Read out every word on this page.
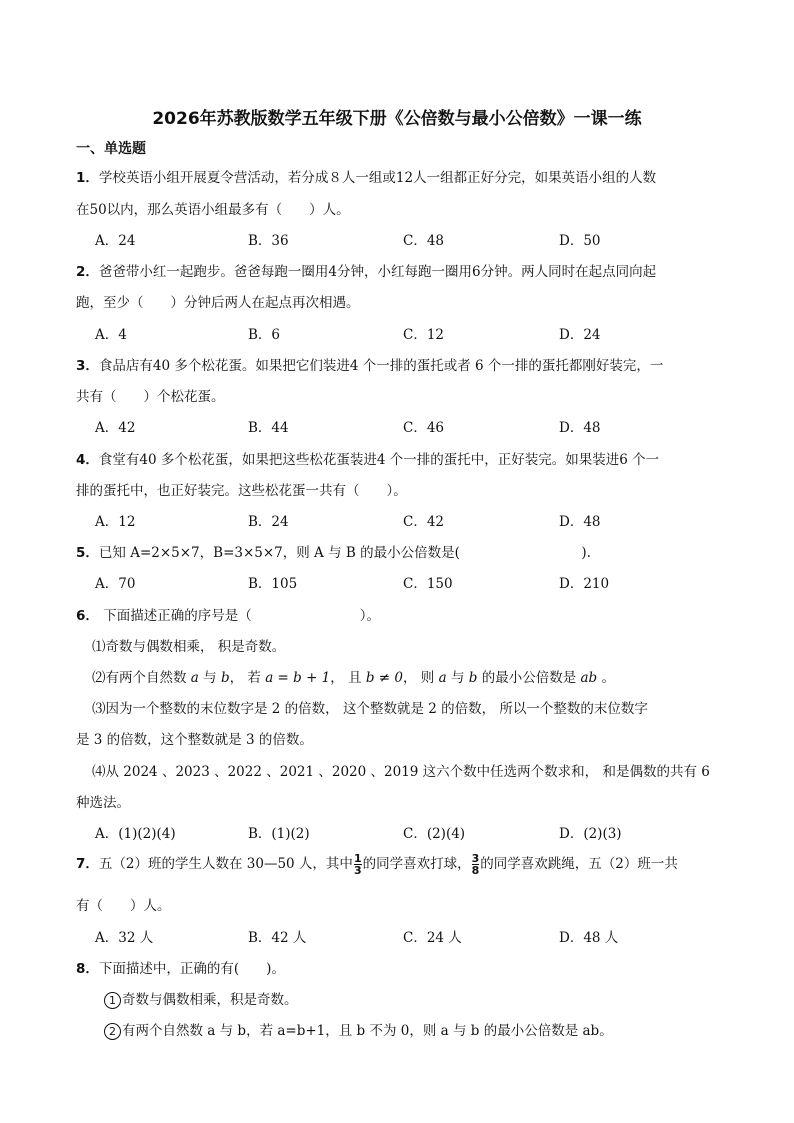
2026年苏教版数学五年级下册《公倍数与最小公倍数》一课一练
一、单选题
1．学校英语小组开展夏令营活动，若分成８人一组或12人一组都正好分完，如果英语小组的人数
在50以内，那么英语小组最多有（　　）人。
A．24	B．36	C．48	D．50
2．爸爸带小红一起跑步。爸爸每跑一圈用4分钟，小红每跑一圈用6分钟。两人同时在起点同向起
跑，至少（　　）分钟后两人在起点再次相遇。
A．4	B．6	C．12	D．24
3．食品店有40 多个松花蛋。如果把它们装进4 个一排的蛋托或者 6 个一排的蛋托都刚好装完，一
共有（　　）个松花蛋。
A．42	B．44	C．46	D．48
4．食堂有40 多个松花蛋，如果把这些松花蛋装进4 个一排的蛋托中，正好装完。如果装进6 个一
排的蛋托中，也正好装完。这些松花蛋一共有（　　）。
A．12	B．24	C．42	D．48
5．已知 A=2×5×7，B=3×5×7，则 A 与 B 的最小公倍数是(　　　　　　　　　).
A．70	B．105	C．150	D．210
6． 下面描述正确的序号是（　　　　　　　　）。
⑴奇数与偶数相乘， 积是奇数。
⑵有两个自然数 a 与 b， 若 a = b + 1， 且 b ≠ 0， 则 a 与 b 的最小公倍数是 ab 。
⑶因为一个整数的末位数字是 2 的倍数， 这个整数就是 2 的倍数， 所以一个整数的末位数字
是 3 的倍数，这个整数就是 3 的倍数。
⑷从 2024 、2023 、2022 、2021 、2020 、2019 这六个数中任选两个数求和， 和是偶数的共有 6
种选法。
A．(1)(2)(4)	B．(1)(2)	C．(2)(4)	D．(2)(3)
7．五（2）班的学生人数在 30—50 人，其中 $\frac{1}{3}$ 的同学喜欢打球， $\frac{3}{8}$ 的同学喜欢跳绳，五（2）班一共
有（　　）人。
A．32 人	B．42 人	C．24 人	D．48 人
8．下面描述中，正确的有(　　)。
1 奇数与偶数相乘，积是奇数。
2 有两个自然数 a 与 b，若 a=b+1，且 b 不为 0，则 a 与 b 的最小公倍数是 ab。
